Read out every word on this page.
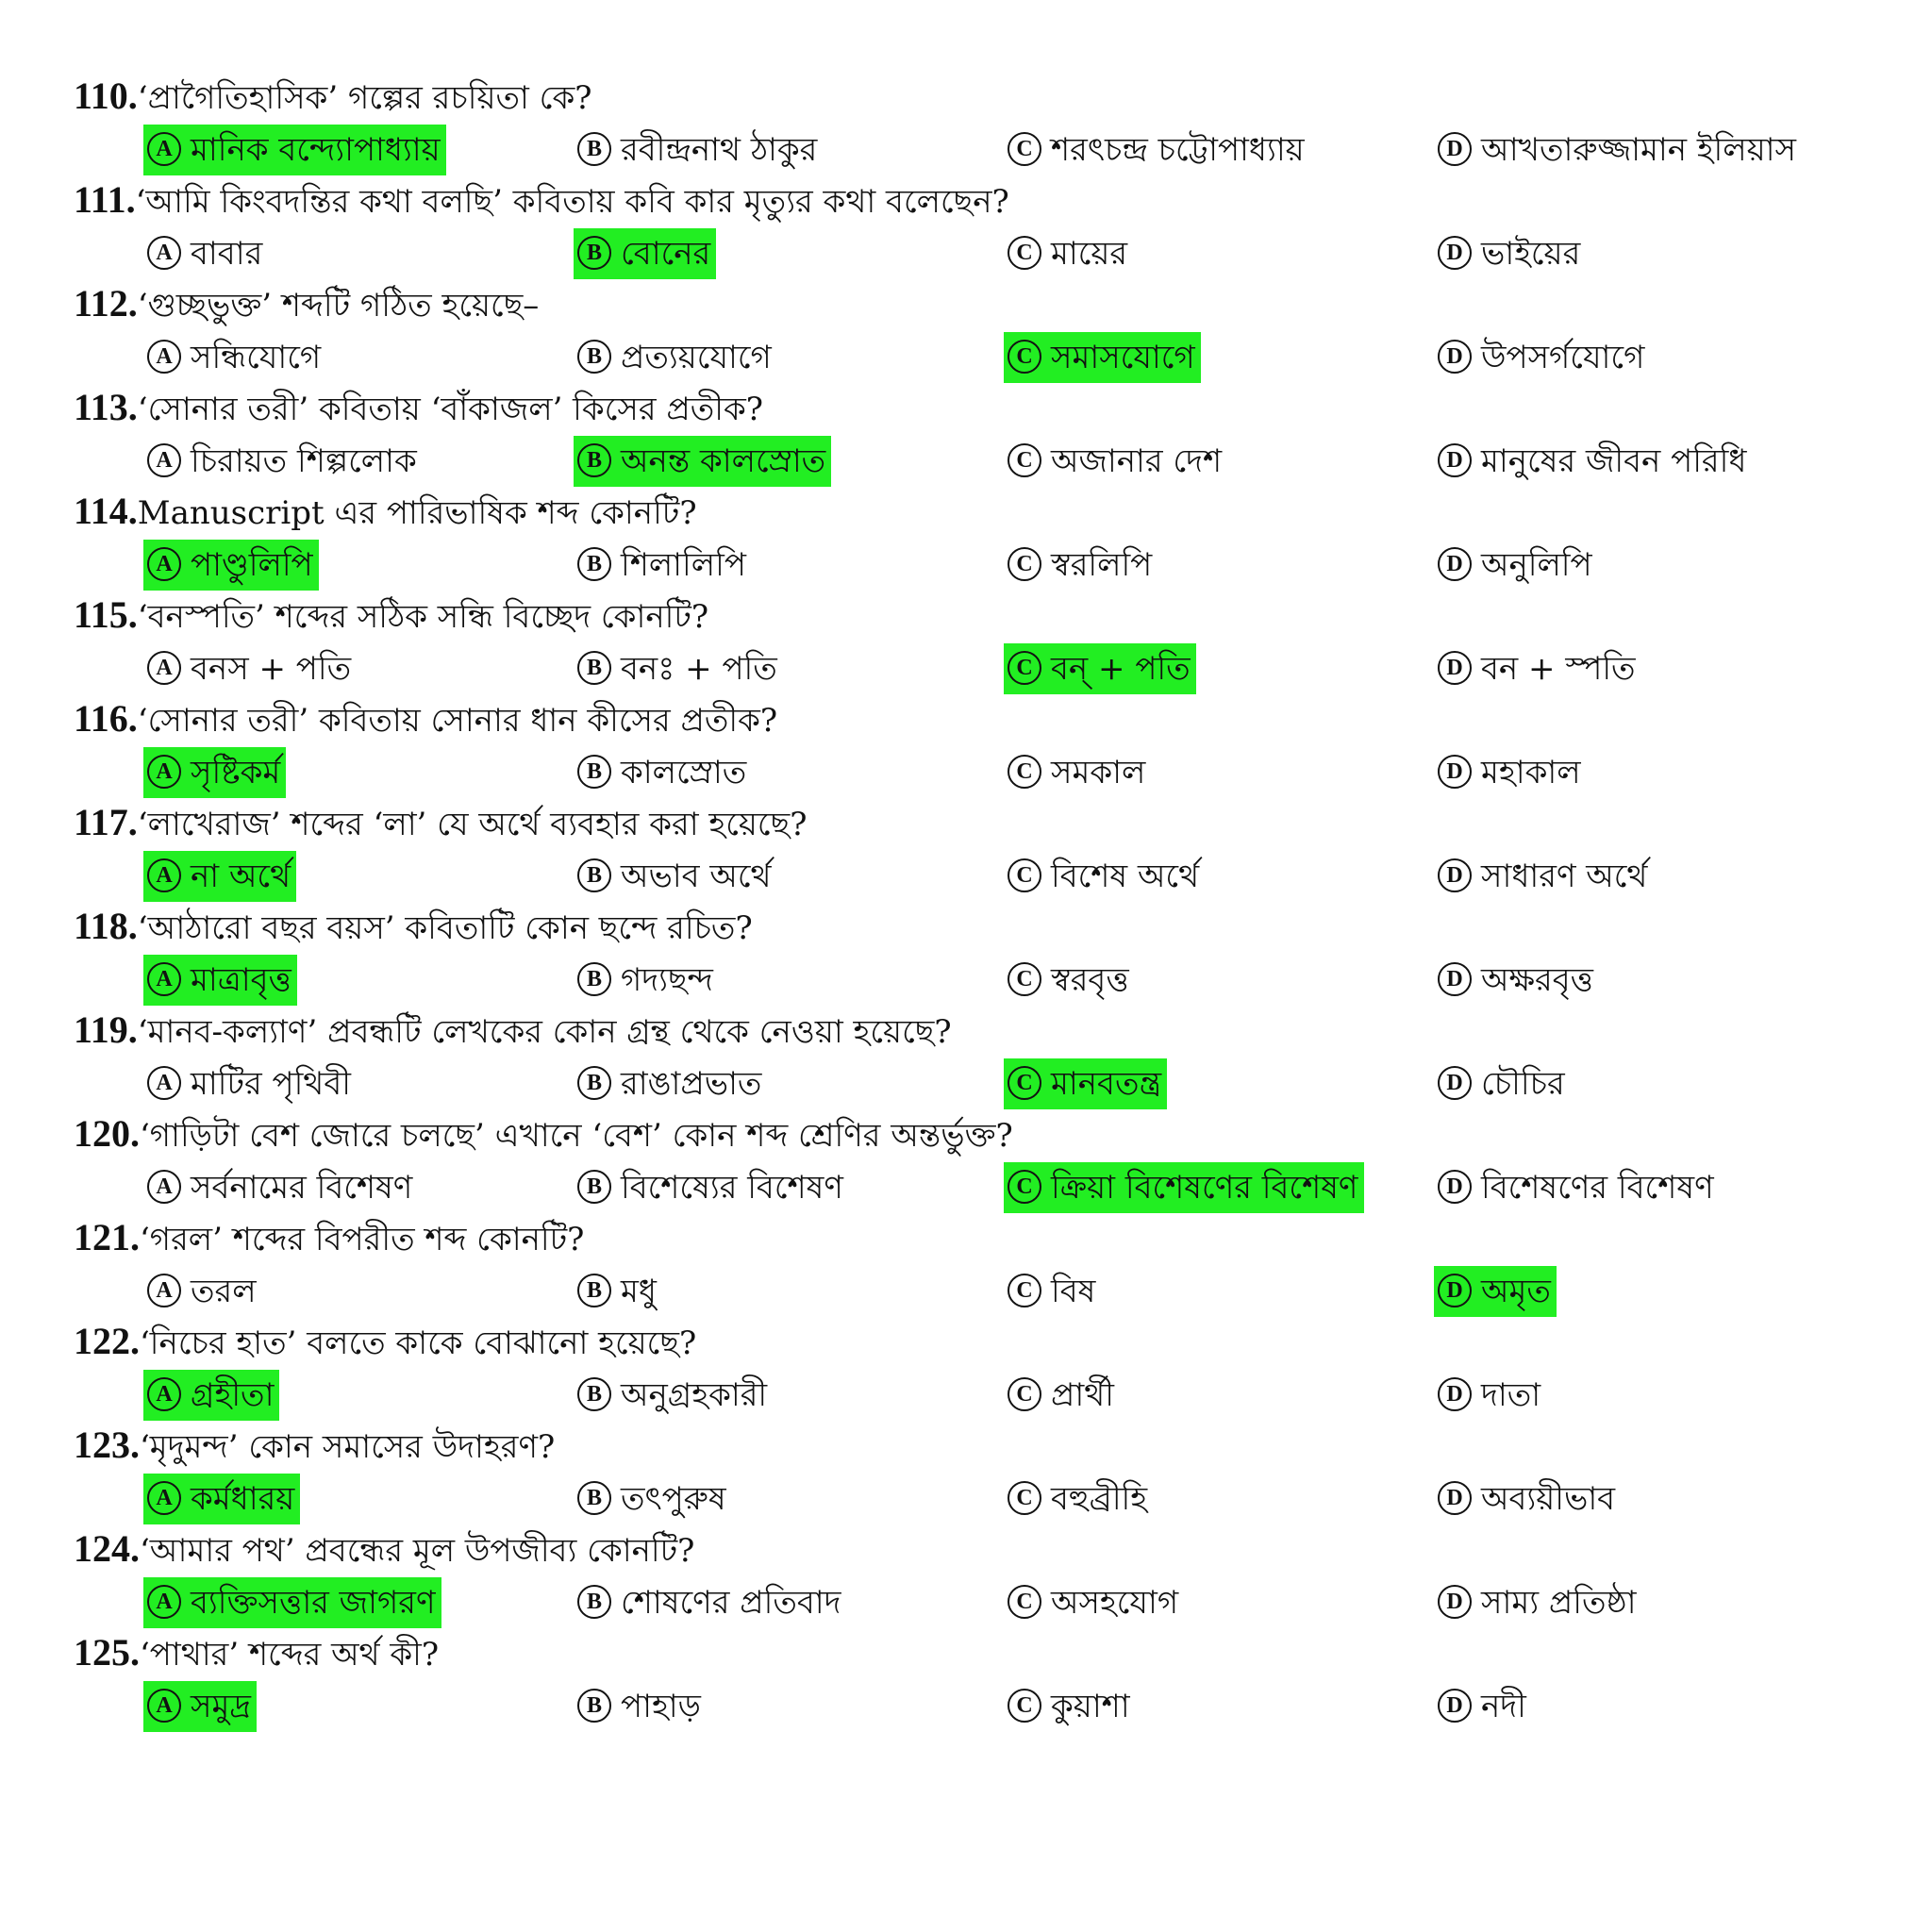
110.‘প্রাগৈতিহাসিক’ গল্পের রচয়িতা কে?
A মানিক বন্দ্যোপাধ্যায়	B রবীন্দ্রনাথ ঠাকুর	C শরৎচন্দ্র চট্টোপাধ্যায়	D আখতারুজ্জামান ইলিয়াস
111.‘আমি কিংবদন্তির কথা বলছি’ কবিতায় কবি কার মৃত্যুর কথা বলেছেন?
A বাবার	B বোনের	C মায়ের	D ভাইয়ের
112.‘গুচ্ছভুক্ত’ শব্দটি গঠিত হয়েছে–
A সন্ধিযোগে	B প্রত্যয়যোগে	C সমাসযোগে	D উপসর্গযোগে
113.‘সোনার তরী’ কবিতায় ‘বাঁকাজল’ কিসের প্রতীক?
A চিরায়ত শিল্পলোক	B অনন্ত কালস্রোত	C অজানার দেশ	D মানুষের জীবন পরিধি
114.Manuscript এর পারিভাষিক শব্দ কোনটি?
A পাণ্ডুলিপি	B শিলালিপি	C স্বরলিপি	D অনুলিপি
115.‘বনস্পতি’ শব্দের সঠিক সন্ধি বিচ্ছেদ কোনটি?
A বনস + পতি	B বনঃ + পতি	C বন্ + পতি	D বন + স্পতি
116.‘সোনার তরী’ কবিতায় সোনার ধান কীসের প্রতীক?
A সৃষ্টিকর্ম	B কালস্রোত	C সমকাল	D মহাকাল
117.‘লাখেরাজ’ শব্দের ‘লা’ যে অর্থে ব্যবহার করা হয়েছে?
A না অর্থে	B অভাব অর্থে	C বিশেষ অর্থে	D সাধারণ অর্থে
118.‘আঠারো বছর বয়স’ কবিতাটি কোন ছন্দে রচিত?
A মাত্রাবৃত্ত	B গদ্যছন্দ	C স্বরবৃত্ত	D অক্ষরবৃত্ত
119.‘মানব-কল্যাণ’ প্রবন্ধটি লেখকের কোন গ্রন্থ থেকে নেওয়া হয়েছে?
A মাটির পৃথিবী	B রাঙাপ্রভাত	C মানবতন্ত্র	D চৌচির
120.‘গাড়িটা বেশ জোরে চলছে’ এখানে ‘বেশ’ কোন শব্দ শ্রেণির অন্তর্ভুক্ত?
A সর্বনামের বিশেষণ	B বিশেষ্যের বিশেষণ	C ক্রিয়া বিশেষণের বিশেষণ	D বিশেষণের বিশেষণ
121.‘গরল’ শব্দের বিপরীত শব্দ কোনটি?
A তরল	B মধু	C বিষ	D অমৃত
122.‘নিচের হাত’ বলতে কাকে বোঝানো হয়েছে?
A গ্রহীতা	B অনুগ্রহকারী	C প্রার্থী	D দাতা
123.‘মৃদুমন্দ’ কোন সমাসের উদাহরণ?
A কর্মধারয়	B তৎপুরুষ	C বহুব্রীহি	D অব্যয়ীভাব
124.‘আমার পথ’ প্রবন্ধের মূল উপজীব্য কোনটি?
A ব্যক্তিসত্তার জাগরণ	B শোষণের প্রতিবাদ	C অসহযোগ	D সাম্য প্রতিষ্ঠা
125.‘পাথার’ শব্দের অর্থ কী?
A সমুদ্র	B পাহাড়	C কুয়াশা	D নদী
